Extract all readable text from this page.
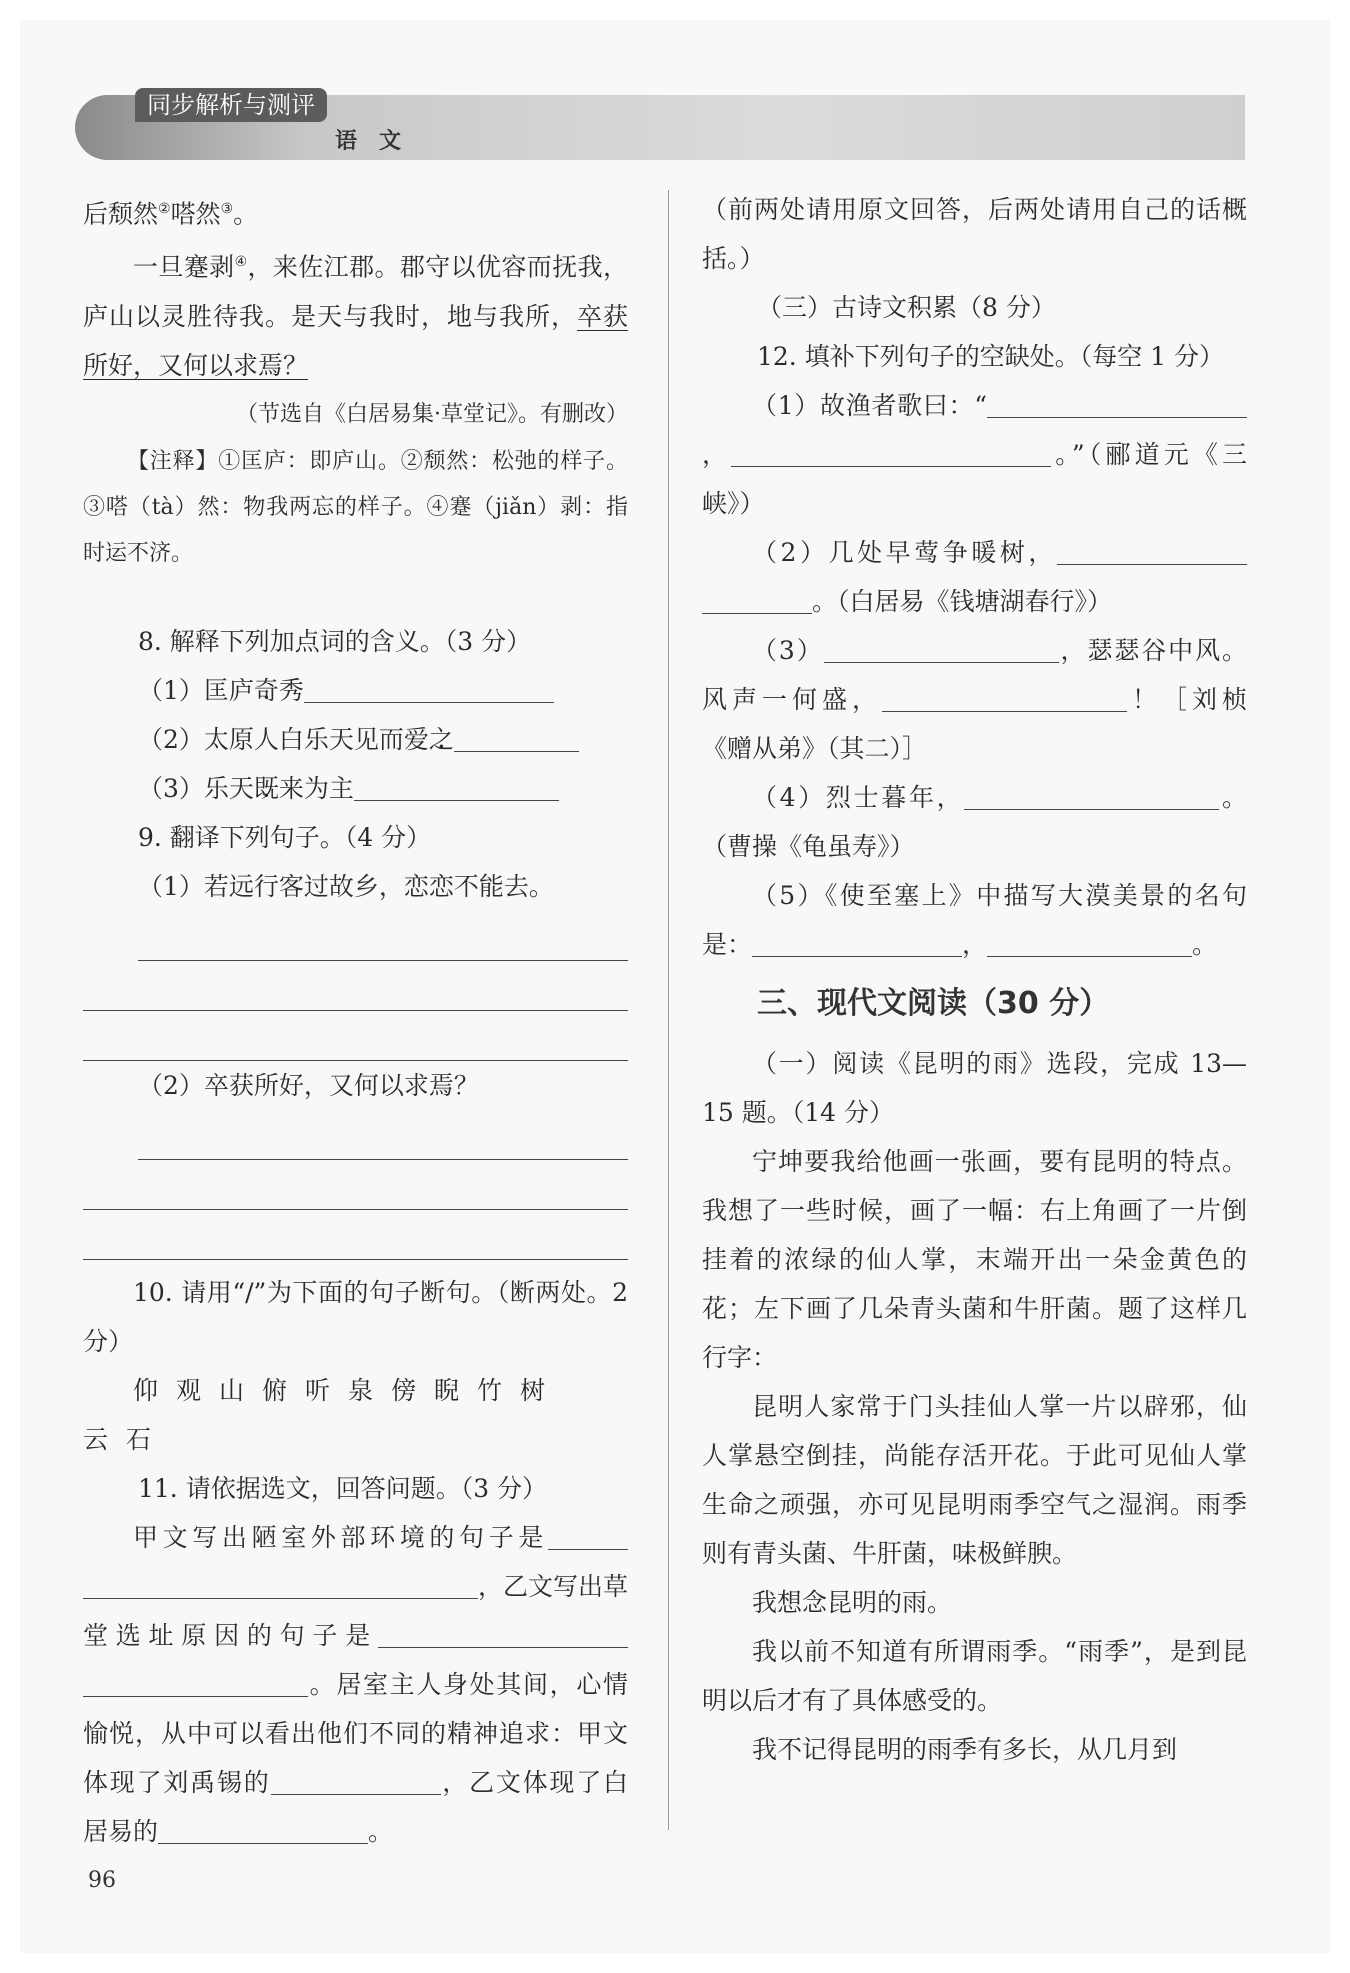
同步解析与测评
语文

后颓然②嗒然③。

一旦蹇剥④，来佐江郡。郡守以优容而抚我，庐山以灵胜待我。是天与我时，地与我所，卒获所好，又何以求焉？

（节选自《白居易集·草堂记》。有删改）

【注释】①匡庐：即庐山。②颓然：松弛的样子。③嗒（tà）然：物我两忘的样子。④蹇（jiǎn）剥：指时运不济。

8. 解释下列加点词的含义。（3 分）

（1）匡庐奇秀

（2）太原人白乐天见而爱之

（3）乐天既来为主

9. 翻译下列句子。（4 分）

（1）若远行客过故乡，恋恋不能去。

（2）卒获所好，又何以求焉？

10. 请用“/”为下面的句子断句。（断两处。2 分）

仰观山俯听泉傍睨竹树

云石

11. 请依据选文，回答问题。（3 分）

甲文写出陋室外部环境的句子是，乙文写出草堂选址原因的句子是。居室主人身处其间，心情愉悦，从中可以看出他们不同的精神追求：甲文体现了刘禹锡的	，乙文体现了白居易的	。

（前两处请用原文回答，后两处请用自己的话概括。）

（三）古诗文积累（8 分）

12. 填补下列句子的空缺处。（每空 1 分）

（1）故渔者歌曰：“，	。”（郦道元《三峡》）

（2）几处早莺争暖树，。（白居易《钱塘湖春行》）

（3）	，瑟瑟谷中风。风声一何盛，	！［刘桢《赠从弟》（其二）］

（4）烈士暮年，	。（曹操《龟虽寿》）

（5）《使至塞上》中描写大漠美景的名句是：	，	。

三、现代文阅读（30 分）

（一）阅读《昆明的雨》选段，完成 13—15 题。（14 分）

宁坤要我给他画一张画，要有昆明的特点。我想了一些时候，画了一幅：右上角画了一片倒挂着的浓绿的仙人掌，末端开出一朵金黄色的花；左下画了几朵青头菌和牛肝菌。题了这样几行字：

昆明人家常于门头挂仙人掌一片以辟邪，仙人掌悬空倒挂，尚能存活开花。于此可见仙人掌生命之顽强，亦可见昆明雨季空气之湿润。雨季则有青头菌、牛肝菌，味极鲜腴。

我想念昆明的雨。

我以前不知道有所谓雨季。“雨季”，是到昆明以后才有了具体感受的。

我不记得昆明的雨季有多长，从几月到

96
